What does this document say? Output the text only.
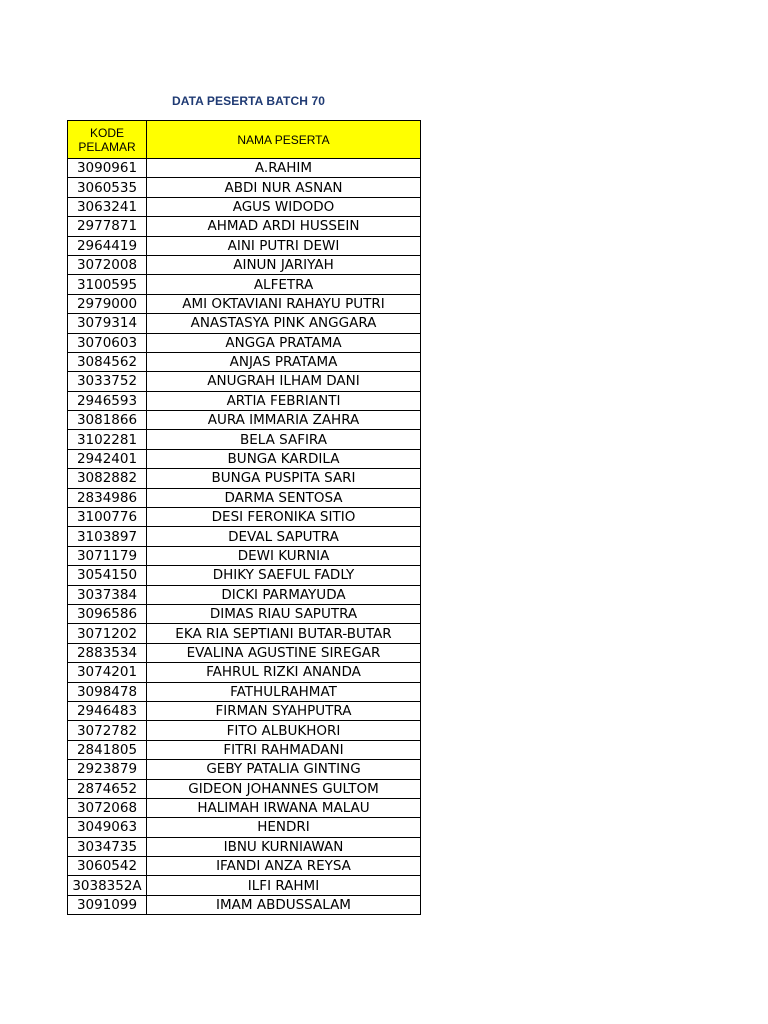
DATA PESERTA BATCH 70
KODE PELAMAR	NAMA PESERTA
3090961	A.RAHIM
3060535	ABDI NUR ASNAN
3063241	AGUS WIDODO
2977871	AHMAD ARDI HUSSEIN
2964419	AINI PUTRI DEWI
3072008	AINUN JARIYAH
3100595	ALFETRA
2979000	AMI OKTAVIANI RAHAYU PUTRI
3079314	ANASTASYA PINK ANGGARA
3070603	ANGGA PRATAMA
3084562	ANJAS PRATAMA
3033752	ANUGRAH ILHAM DANI
2946593	ARTIA FEBRIANTI
3081866	AURA IMMARIA ZAHRA
3102281	BELA SAFIRA
2942401	BUNGA KARDILA
3082882	BUNGA PUSPITA SARI
2834986	DARMA SENTOSA
3100776	DESI FERONIKA SITIO
3103897	DEVAL SAPUTRA
3071179	DEWI KURNIA
3054150	DHIKY SAEFUL FADLY
3037384	DICKI PARMAYUDA
3096586	DIMAS RIAU SAPUTRA
3071202	EKA RIA SEPTIANI BUTAR-BUTAR
2883534	EVALINA AGUSTINE SIREGAR
3074201	FAHRUL RIZKI ANANDA
3098478	FATHULRAHMAT
2946483	FIRMAN SYAHPUTRA
3072782	FITO ALBUKHORI
2841805	FITRI RAHMADANI
2923879	GEBY PATALIA GINTING
2874652	GIDEON JOHANNES GULTOM
3072068	HALIMAH IRWANA MALAU
3049063	HENDRI
3034735	IBNU KURNIAWAN
3060542	IFANDI ANZA REYSA
3038352A	ILFI RAHMI
3091099	IMAM ABDUSSALAM
